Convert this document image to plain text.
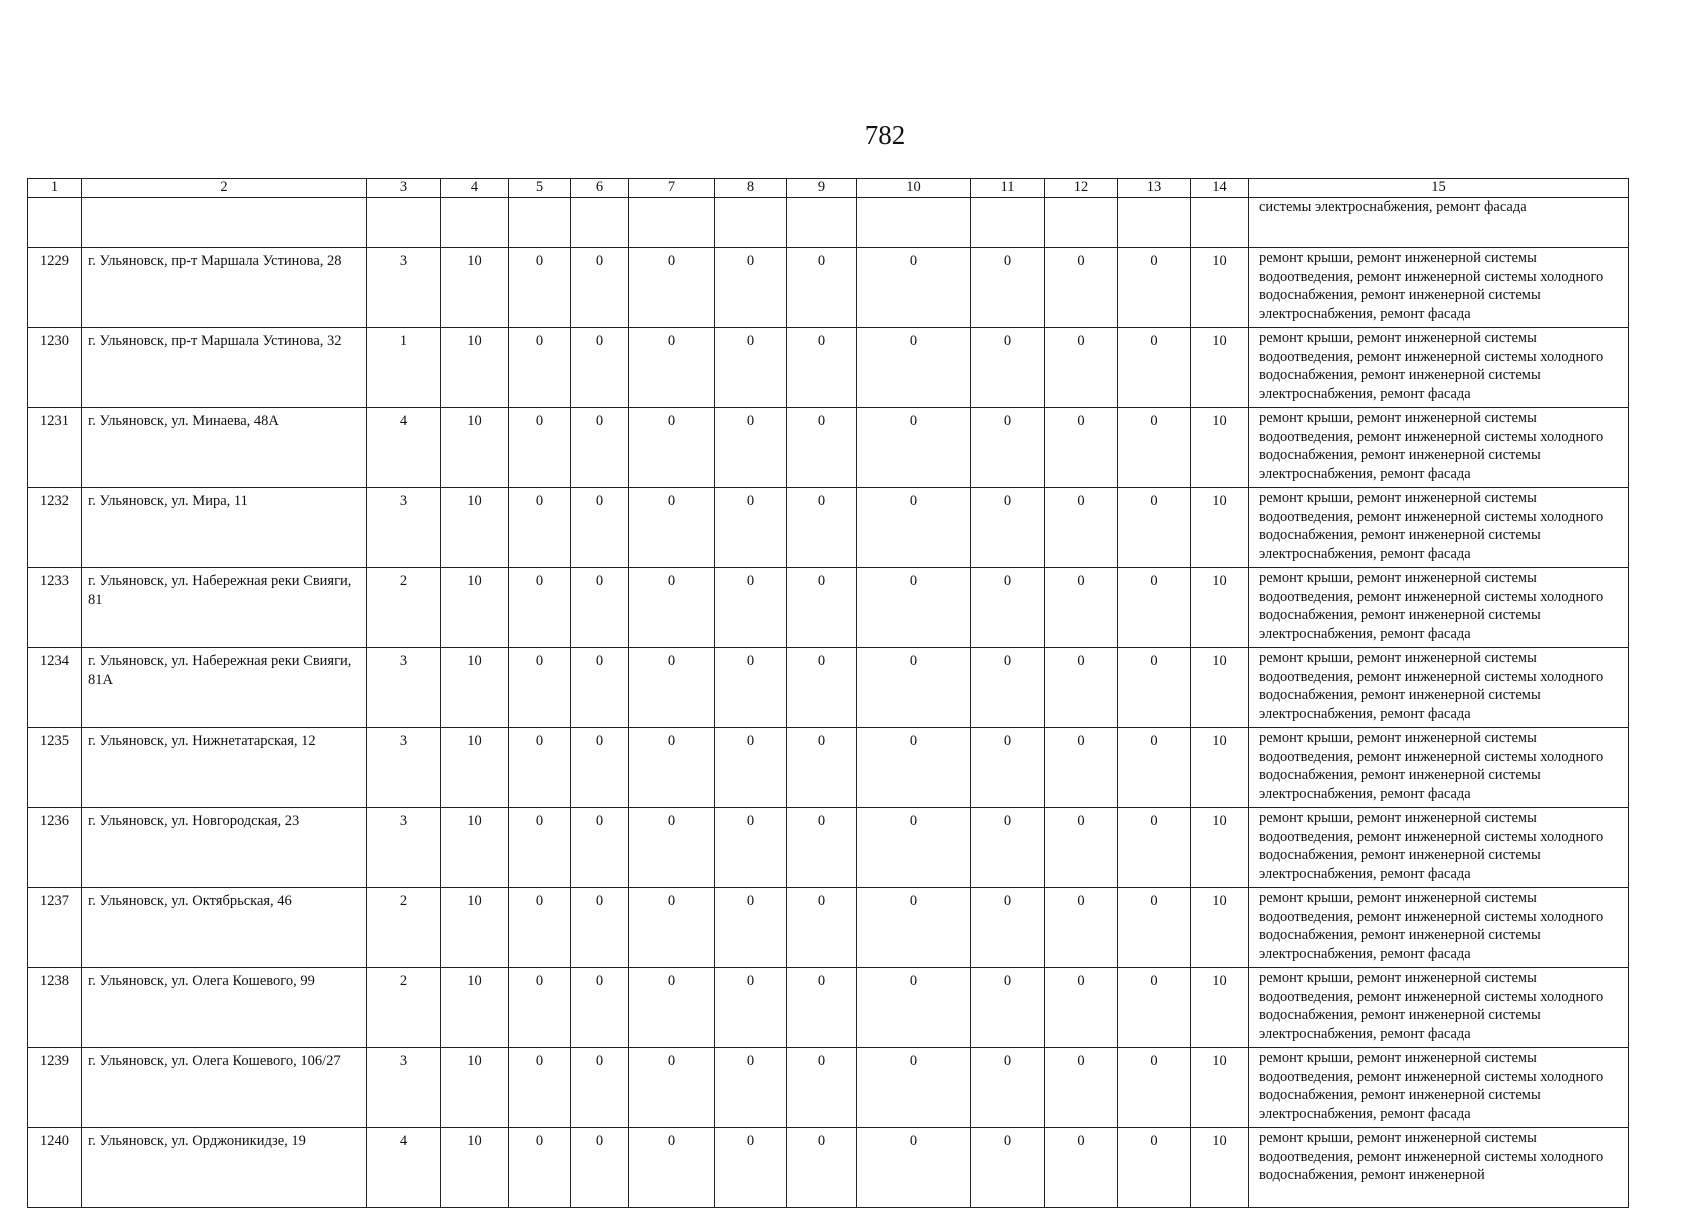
782
1	2	3	4	5	6	7	8	9	10	11	12	13	14	15
														системы электроснабжения, ремонт фасада
1229	г. Ульяновск, пр-т Маршала Устинова, 28	3	10	0	0	0	0	0	0	0	0	0	10	ремонт крыши, ремонт инженерной системы водоотведения, ремонт инженерной системы холодного водоснабжения, ремонт инженерной системы электроснабжения, ремонт фасада
1230	г. Ульяновск, пр-т Маршала Устинова, 32	1	10	0	0	0	0	0	0	0	0	0	10	ремонт крыши, ремонт инженерной системы водоотведения, ремонт инженерной системы холодного водоснабжения, ремонт инженерной системы электроснабжения, ремонт фасада
1231	г. Ульяновск, ул. Минаева, 48А	4	10	0	0	0	0	0	0	0	0	0	10	ремонт крыши, ремонт инженерной системы водоотведения, ремонт инженерной системы холодного водоснабжения, ремонт инженерной системы электроснабжения, ремонт фасада
1232	г. Ульяновск, ул. Мира, 11	3	10	0	0	0	0	0	0	0	0	0	10	ремонт крыши, ремонт инженерной системы водоотведения, ремонт инженерной системы холодного водоснабжения, ремонт инженерной системы электроснабжения, ремонт фасада
1233	г. Ульяновск, ул. Набережная реки Свияги, 81	2	10	0	0	0	0	0	0	0	0	0	10	ремонт крыши, ремонт инженерной системы водоотведения, ремонт инженерной системы холодного водоснабжения, ремонт инженерной системы электроснабжения, ремонт фасада
1234	г. Ульяновск, ул. Набережная реки Свияги, 81А	3	10	0	0	0	0	0	0	0	0	0	10	ремонт крыши, ремонт инженерной системы водоотведения, ремонт инженерной системы холодного водоснабжения, ремонт инженерной системы электроснабжения, ремонт фасада
1235	г. Ульяновск, ул. Нижнетатарская, 12	3	10	0	0	0	0	0	0	0	0	0	10	ремонт крыши, ремонт инженерной системы водоотведения, ремонт инженерной системы холодного водоснабжения, ремонт инженерной системы электроснабжения, ремонт фасада
1236	г. Ульяновск, ул. Новгородская, 23	3	10	0	0	0	0	0	0	0	0	0	10	ремонт крыши, ремонт инженерной системы водоотведения, ремонт инженерной системы холодного водоснабжения, ремонт инженерной системы электроснабжения, ремонт фасада
1237	г. Ульяновск, ул. Октябрьская, 46	2	10	0	0	0	0	0	0	0	0	0	10	ремонт крыши, ремонт инженерной системы водоотведения, ремонт инженерной системы холодного водоснабжения, ремонт инженерной системы электроснабжения, ремонт фасада
1238	г. Ульяновск, ул. Олега Кошевого, 99	2	10	0	0	0	0	0	0	0	0	0	10	ремонт крыши, ремонт инженерной системы водоотведения, ремонт инженерной системы холодного водоснабжения, ремонт инженерной системы электроснабжения, ремонт фасада
1239	г. Ульяновск, ул. Олега Кошевого, 106/27	3	10	0	0	0	0	0	0	0	0	0	10	ремонт крыши, ремонт инженерной системы водоотведения, ремонт инженерной системы холодного водоснабжения, ремонт инженерной системы электроснабжения, ремонт фасада
1240	г. Ульяновск, ул. Орджоникидзе, 19	4	10	0	0	0	0	0	0	0	0	0	10	ремонт крыши, ремонт инженерной системы водоотведения, ремонт инженерной системы холодного водоснабжения, ремонт инженерной
